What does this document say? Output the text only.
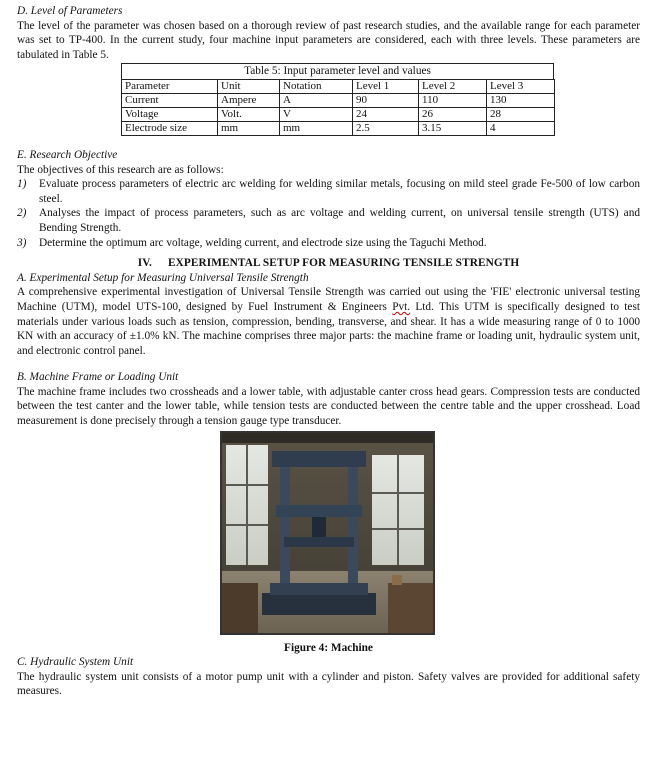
D. Level of Parameters

The level of the parameter was chosen based on a thorough review of past research studies, and the available range for each parameter was set to TP-400. In the current study, four machine input parameters are considered, each with three levels. These parameters are tabulated in Table 5.

Table 5: Input parameter level and values
Parameter	Unit	Notation	Level 1	Level 2	Level 3
Current	Ampere	A	90	110	130
Voltage	Volt.	V	24	26	28
Electrode size	mm	mm	2.5	3.15	4

E. Research Objective

The objectives of this research are as follows:

1)	Evaluate process parameters of electric arc welding for welding similar metals, focusing on mild steel grade Fe-500 of low carbon steel.
2)	Analyses the impact of process parameters, such as arc voltage and welding current, on universal tensile strength (UTS) and Bending Strength.
3)	Determine the optimum arc voltage, welding current, and electrode size using the Taguchi Method.

IV. EXPERIMENTAL SETUP FOR MEASURING TENSILE STRENGTH

A. Experimental Setup for Measuring Universal Tensile Strength

A comprehensive experimental investigation of Universal Tensile Strength was carried out using the 'FIE' electronic universal testing Machine (UTM), model UTS-100, designed by Fuel Instrument & Engineers Pvt. Ltd. This UTM is specifically designed to test materials under various loads such as tension, compression, bending, transverse, and shear. It has a wide measuring range of 0 to 1000 KN with an accuracy of ±1.0% kN. The machine comprises three major parts: the machine frame or loading unit, hydraulic system unit, and electronic control panel.

B. Machine Frame or Loading Unit

The machine frame includes two crossheads and a lower table, with adjustable canter cross head gears. Compression tests are conducted between the test canter and the lower table, while tension tests are conducted between the centre table and the upper crosshead. Load measurement is done precisely through a tension gauge type transducer.

Figure 4: Machine

C. Hydraulic System Unit

The hydraulic system unit consists of a motor pump unit with a cylinder and piston. Safety valves are provided for additional safety measures.
